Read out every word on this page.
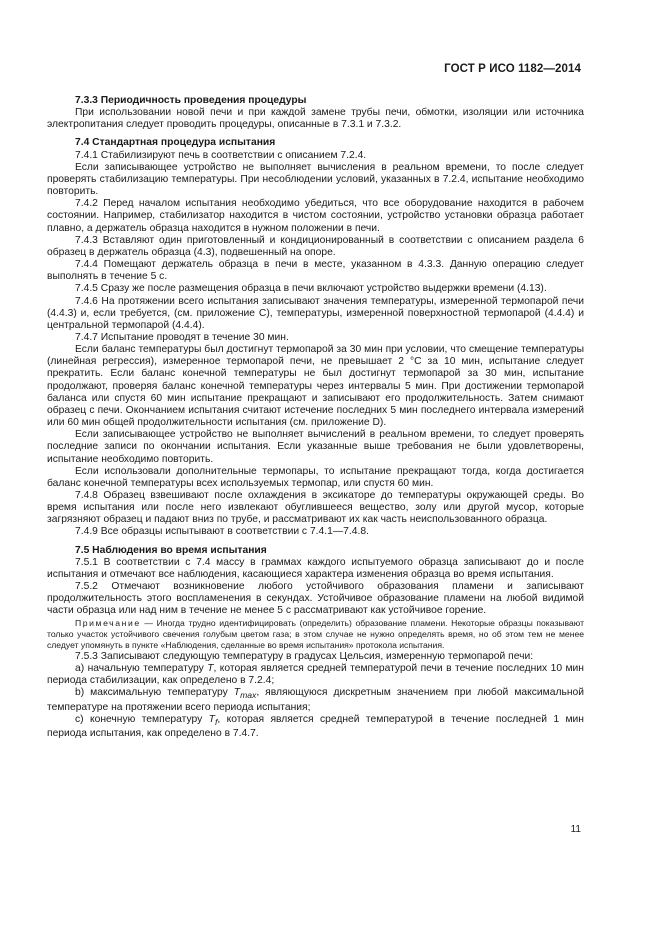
ГОСТ Р ИСО 1182—2014

7.3.3 Периодичность проведения процедуры

При использовании новой печи и при каждой замене трубы печи, обмотки, изоляции или источника электропитания следует проводить процедуры, описанные в 7.3.1 и 7.3.2.

7.4 Стандартная процедура испытания

7.4.1 Стабилизируют печь в соответствии с описанием 7.2.4.

Если записывающее устройство не выполняет вычисления в реальном времени, то после следует проверять стабилизацию температуры. При несоблюдении условий, указанных в 7.2.4, испытание необходимо повторить.

7.4.2 Перед началом испытания необходимо убедиться, что все оборудование находится в рабочем состоянии. Например, стабилизатор находится в чистом состоянии, устройство установки образца работает плавно, а держатель образца находится в нужном положении в печи.

7.4.3 Вставляют один приготовленный и кондиционированный в соответствии с описанием раздела 6 образец в держатель образца (4.3), подвешенный на опоре.

7.4.4 Помещают держатель образца в печи в месте, указанном в 4.3.3. Данную операцию следует выполнять в течение 5 с.

7.4.5 Сразу же после размещения образца в печи включают устройство выдержки времени (4.13).

7.4.6 На протяжении всего испытания записывают значения температуры, измеренной термопарой печи (4.4.3) и, если требуется, (см. приложение С), температуры, измеренной поверхностной термопарой (4.4.4) и центральной термопарой (4.4.4).

7.4.7 Испытание проводят в течение 30 мин.

Если баланс температуры был достигнут термопарой за 30 мин при условии, что смещение температуры (линейная регрессия), измеренное термопарой печи, не превышает 2 °С за 10 мин, испытание следует прекратить. Если баланс конечной температуры не был достигнут термопарой за 30 мин, испытание продолжают, проверяя баланс конечной температуры через интервалы 5 мин. При достижении термопарой баланса или спустя 60 мин испытание прекращают и записывают его продолжительность. Затем снимают образец с печи. Окончанием испытания считают истечение последних 5 мин последнего интервала измерений или 60 мин общей продолжительности испытания (см. приложение D).

Если записывающее устройство не выполняет вычислений в реальном времени, то следует проверять последние записи по окончании испытания. Если указанные выше требования не были удовлетворены, испытание необходимо повторить.

Если использовали дополнительные термопары, то испытание прекращают тогда, когда достигается баланс конечной температуры всех используемых термопар, или спустя 60 мин.

7.4.8 Образец взвешивают после охлаждения в эксикаторе до температуры окружающей среды. Во время испытания или после него извлекают обуглившееся вещество, золу или другой мусор, которые загрязняют образец и падают вниз по трубе, и рассматривают их как часть неиспользованного образца.

7.4.9 Все образцы испытывают в соответствии с 7.4.1—7.4.8.

7.5 Наблюдения во время испытания

7.5.1 В соответствии с 7.4 массу в граммах каждого испытуемого образца записывают до и после испытания и отмечают все наблюдения, касающиеся характера изменения образца во время испытания.

7.5.2 Отмечают возникновение любого устойчивого образования пламени и записывают продолжительность этого воспламенения в секундах. Устойчивое образование пламени на любой видимой части образца или над ним в течение не менее 5 с рассматривают как устойчивое горение.

Примечание — Иногда трудно идентифицировать (определить) образование пламени. Некоторые образцы показывают только участок устойчивого свечения голубым цветом газа; в этом случае не нужно определять время, но об этом тем не менее следует упомянуть в пункте «Наблюдения, сделанные во время испытания» протокола испытания.

7.5.3 Записывают следующую температуру в градусах Цельсия, измеренную термопарой печи:

a) начальную температуру T, которая является средней температурой печи в течение последних 10 мин периода стабилизации, как определено в 7.2.4;

b) максимальную температуру $T_{max}$, являющуюся дискретным значением при любой максимальной температуре на протяжении всего периода испытания;

c) конечную температуру $T_f$, которая является средней температурой в течение последней 1 мин периода испытания, как определено в 7.4.7.

11
